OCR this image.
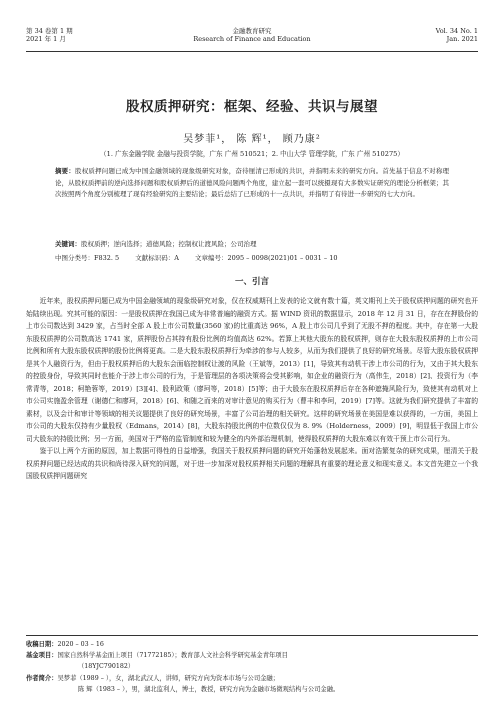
第 34 卷第 1 期
2021 年 1 月
金融教育研究
Research of Finance and Education
Vol. 34 No. 1
Jan. 2021
股权质押研究：框架、经验、共识与展望
吴梦菲¹， 陈 辉¹， 顾乃康²
（1. 广东金融学院 金融与投资学院，广东 广州 510521；2. 中山大学 管理学院，广东 广州 510275）
摘要：股权质押问题已成为中国金融领域的现象级研究对象，奋待厘清已形成的共识，并指明未来的研究方向。首先基于信息不对称理论，从股权质押前的逆向选择问题和股权质押后的道德风险问题两个角度，建立起一套可以统摄现有大多数实证研究的理论分析框架；其次按照两个角度分别梳理了现有经验研究的主要结论；最后总结了已形成的十一点共识，并指明了有待进一步研究的七大方向。
关键词：股权质押；逆向选择；道德风险；控制权让渡风险；公司治理
中图分类号：F832. 5 文献标识码：A 文章编号：2095 – 0098(2021)01 – 0031 – 10
一、引言

近年来，股权质押问题已成为中国金融领域的现象级研究对象，仅在权威期刊上发表的论文就有数十篇，英文期刊上关于股权质押问题的研究也开始陆续出现。究其可能的原因：一是股权质押在我国已成为非常普遍的融资方式。据 WIND 资讯的数据显示，2018 年 12 月 31 日，存在在押股份的上市公司数达到 3429 家，占当时全部 A 股上市公司数量(3560 家)的比重高达 96%，A 股上市公司几乎到了无股不押的程度。其中，存在第一大股东股权质押的公司数高达 1741 家，质押股份占其持有股份比例的均值高达 62%。若算上其他大股东的股权质押，则存在大股东股权质押的上市公司比例和所有大股东股权质押的股份比例将更高。二是大股东股权质押行为牵涉的参与人较多，从而为我们提供了良好的研究场景。尽管大股东股权质押是其个人融资行为，但由于股权质押后的大股东会面临控制权让渡的风险（王斌等，2013）[1]，导致其有动机干涉上市公司的行为，又由于其大股东的控股身份，导致其同时也能介于涉上市公司的行为，于是管理层的各项决策将会受其影响，如企业的融资行为（高伟生，2018）[2]、投资行为（李常青等，2018；柯艳蓉等，2019）[3][4]、股利政策（廖珂等，2018）[5]等；由于大股东在股权质押后存在各种遮掩风险行为，致使其有动机对上市公司实施盈余管理（谢德仁和廖珂，2018）[6]、和随之而来的对审计意见的购买行为（曹丰和李珂，2019）[7]等。这就为我们研究提供了丰富的素材，以及会计和审计等领域的相关议题提供了良好的研究场景，丰富了公司治理的相关研究。这样的研究场景在美国是难以获得的，一方面，美国上市公司的大股东仅持有少量股权（Edmans，2014）[8]，大股东持股比例的中位数仅仅为 8. 9%（Holderness，2009）[9]，明显低于我国上市公司大股东的持股比例；另一方面，美国对于严格的监管制度和较为健全的内外部治理机制，使得股权质押的大股东难以有效干预上市公司行为。

鉴于以上两个方面的原因，加上数据可得性的日益增强，我国关于股权质押问题的研究开始蓬勃发展起来。面对浩繁复杂的研究成果，厘清关于股权质押问题已经达成的共识和尚待深入研究的问题，对于进一步加深对股权质押相关问题的理解具有重要的理论意义和现实意义。本文首先建立一个我国股权质押问题研究

收稿日期： 2020 – 03 – 16
基金项目： 国家自然科学基金面上项目（71772185）；教育部人文社会科学研究基金青年项目
（18YJC790182）
作者简介： 吴梦菲（1989 – ），女，湖北武汉人，讲师，研究方向为资本市场与公司金融；
陈 辉（1983 – ），男，湖北监利人，博士，教授，研究方向为金融市场微观结构与公司金融。
